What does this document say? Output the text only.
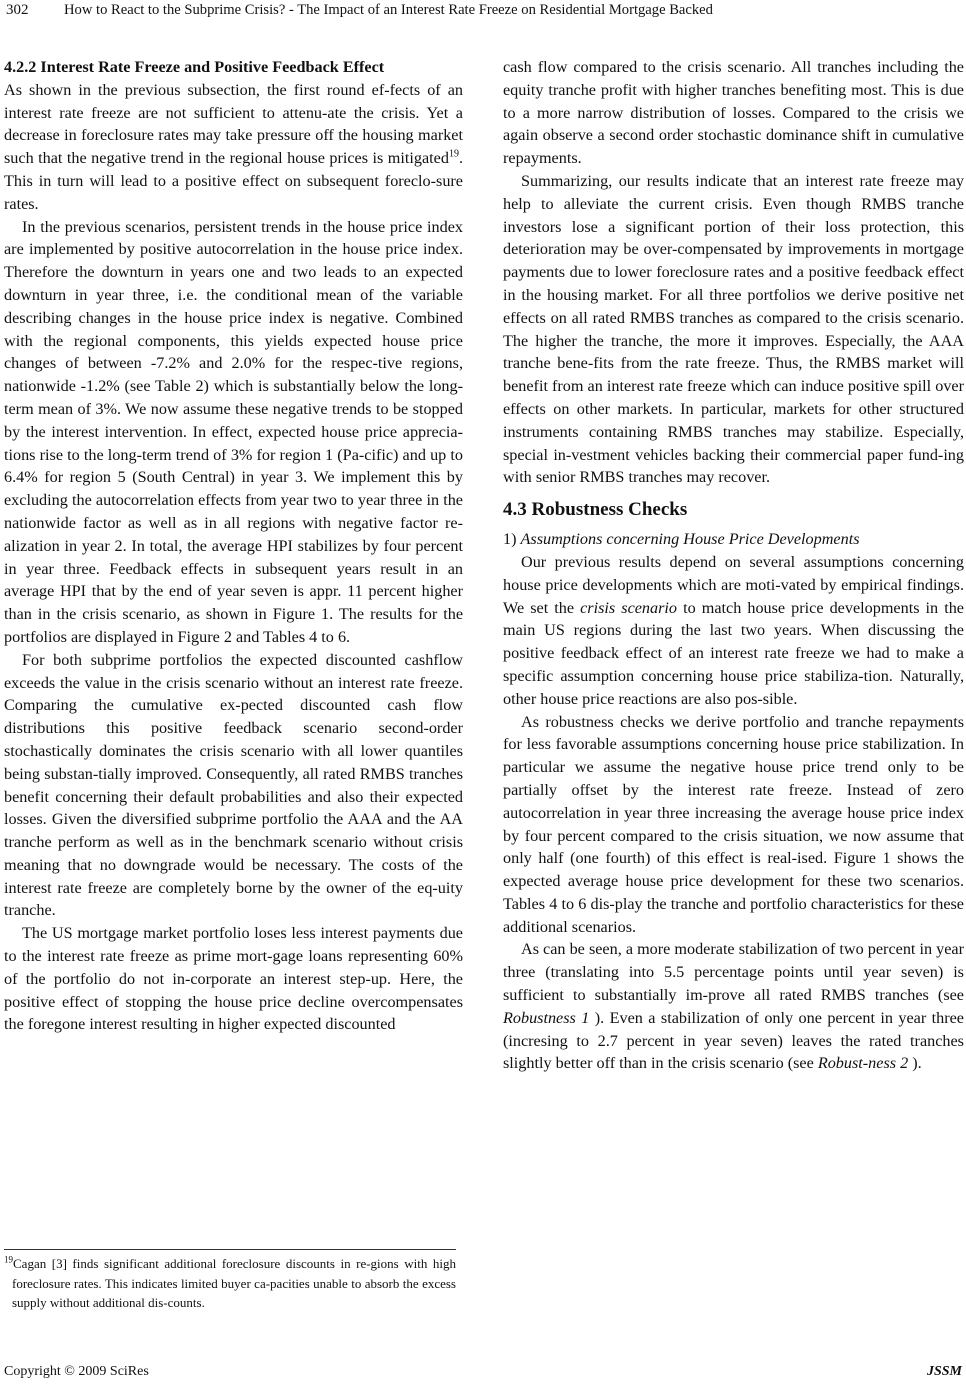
302 How to React to the Subprime Crisis? - The Impact of an Interest Rate Freeze on Residential Mortgage Backed
4.2.2 Interest Rate Freeze and Positive Feedback Effect

As shown in the previous subsection, the first round ef-fects of an interest rate freeze are not sufficient to attenu-ate the crisis. Yet a decrease in foreclosure rates may take pressure off the housing market such that the negative trend in the regional house prices is mitigated$^{19}$. This in turn will lead to a positive effect on subsequent foreclo-sure rates.

In the previous scenarios, persistent trends in the house price index are implemented by positive autocorrelation in the house price index. Therefore the downturn in years one and two leads to an expected downturn in year three, i.e. the conditional mean of the variable describing changes in the house price index is negative. Combined with the regional components, this yields expected house price changes of between -7.2% and 2.0% for the respec-tive regions, nationwide -1.2% (see Table 2) which is substantially below the long-term mean of 3%. We now assume these negative trends to be stopped by the interest intervention. In effect, expected house price apprecia-tions rise to the long-term trend of 3% for region 1 (Pa-cific) and up to 6.4% for region 5 (South Central) in year 3. We implement this by excluding the autocorrelation effects from year two to year three in the nationwide factor as well as in all regions with negative factor re-alization in year 2. In total, the average HPI stabilizes by four percent in year three. Feedback effects in subsequent years result in an average HPI that by the end of year seven is appr. 11 percent higher than in the crisis scenario, as shown in Figure 1. The results for the portfolios are displayed in Figure 2 and Tables 4 to 6.

For both subprime portfolios the expected discounted cashflow exceeds the value in the crisis scenario without an interest rate freeze. Comparing the cumulative ex-pected discounted cash flow distributions this positive feedback scenario second-order stochastically dominates the crisis scenario with all lower quantiles being substan-tially improved. Consequently, all rated RMBS tranches benefit concerning their default probabilities and also their expected losses. Given the diversified subprime portfolio the AAA and the AA tranche perform as well as in the benchmark scenario without crisis meaning that no downgrade would be necessary. The costs of the interest rate freeze are completely borne by the owner of the eq-uity tranche.

The US mortgage market portfolio loses less interest payments due to the interest rate freeze as prime mort-gage loans representing 60% of the portfolio do not in-corporate an interest step-up. Here, the positive effect of stopping the house price decline overcompensates the foregone interest resulting in higher expected discounted

cash flow compared to the crisis scenario. All tranches including the equity tranche profit with higher tranches benefiting most. This is due to a more narrow distribution of losses. Compared to the crisis we again observe a second order stochastic dominance shift in cumulative repayments.

Summarizing, our results indicate that an interest rate freeze may help to alleviate the current crisis. Even though RMBS tranche investors lose a significant portion of their loss protection, this deterioration may be over-compensated by improvements in mortgage payments due to lower foreclosure rates and a positive feedback effect in the housing market. For all three portfolios we derive positive net effects on all rated RMBS tranches as compared to the crisis scenario. The higher the tranche, the more it improves. Especially, the AAA tranche bene-fits from the rate freeze. Thus, the RMBS market will benefit from an interest rate freeze which can induce positive spill over effects on other markets. In particular, markets for other structured instruments containing RMBS tranches may stabilize. Especially, special in-vestment vehicles backing their commercial paper fund-ing with senior RMBS tranches may recover.

4.3 Robustness Checks

1) Assumptions concerning House Price Developments

Our previous results depend on several assumptions concerning house price developments which are moti-vated by empirical findings. We set the crisis scenario to match house price developments in the main US regions during the last two years. When discussing the positive feedback effect of an interest rate freeze we had to make a specific assumption concerning house price stabiliza-tion. Naturally, other house price reactions are also pos-sible.

As robustness checks we derive portfolio and tranche repayments for less favorable assumptions concerning house price stabilization. In particular we assume the negative house price trend only to be partially offset by the interest rate freeze. Instead of zero autocorrelation in year three increasing the average house price index by four percent compared to the crisis situation, we now assume that only half (one fourth) of this effect is real-ised. Figure 1 shows the expected average house price development for these two scenarios. Tables 4 to 6 dis-play the tranche and portfolio characteristics for these additional scenarios.

As can be seen, a more moderate stabilization of two percent in year three (translating into 5.5 percentage points until year seven) is sufficient to substantially im-prove all rated RMBS tranches (see Robustness 1 ). Even a stabilization of only one percent in year three (incresing to 2.7 percent in year seven) leaves the rated tranches slightly better off than in the crisis scenario (see Robust-ness 2 ).

$^{19}$Cagan [3] finds significant additional foreclosure discounts in re-gions with high foreclosure rates. This indicates limited buyer ca-pacities unable to absorb the excess supply without additional dis-counts.

Copyright © 2009 SciRes	JSSM
